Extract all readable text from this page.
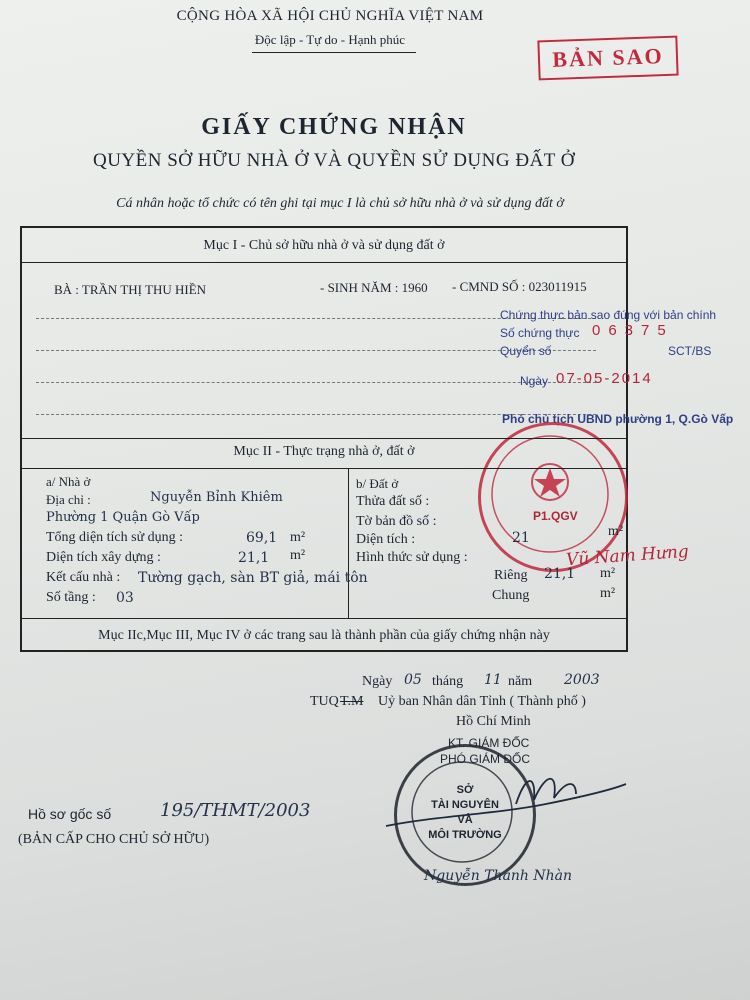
CỘNG HÒA XÃ HỘI CHỦ NGHĨA VIỆT NAM
Độc lập - Tự do - Hạnh phúc
BẢN SAO
GIẤY CHỨNG NHẬN
QUYỀN SỞ HỮU NHÀ Ở VÀ QUYỀN SỬ DỤNG ĐẤT Ở
Cá nhân hoặc tổ chức có tên ghi tại mục I là chủ sở hữu nhà ở và sử dụng đất ở
Mục I - Chủ sở hữu nhà ở và sử dụng đất ở
BÀ : TRẦN THỊ THU HIỀN	- SINH NĂM : 1960 - CMND SỐ : 023011915
Chứng thực bản sao đúng với bản chính
Số chứng thực 06375
Quyển số	SCT/BS
Ngày 07-05-2014
Phó chủ tịch UBND phường 1, Q.Gò Vấp
P1.QGV
Vũ Nam Hưng
Mục II - Thực trạng nhà ở, đất ở
a/ Nhà ở
Địa chỉ :	Nguyễn Bỉnh Khiêm
Phường 1 Quận Gò Vấp
Tổng diện tích sử dụng :	69,1 m²
Diện tích xây dựng :	21,1 m²
Kết cấu nhà : Tường gạch, sàn BT giả, mái tôn
Số tầng : 03
b/ Đất ở
Thửa đất số :
Tờ bản đồ số :
Diện tích :	21	m²
Hình thức sử dụng :
Riêng 21,1 m²
Chung	m²
Mục IIc,Mục III, Mục IV ở các trang sau là thành phần của giấy chứng nhận này
Ngày 05 tháng 11 năm 2003
TUQ T.M Uỷ ban Nhân dân Tỉnh ( Thành phố )
Hồ Chí Minh
KT. GIÁM ĐỐC
PHÓ GIÁM ĐỐC
SỞ
TÀI NGUYÊN
VÀ
MÔI TRƯỜNG
Nguyễn Thanh Nhàn
Hồ sơ gốc số	195/THMT/2003
(BẢN CẤP CHO CHỦ SỞ HỮU)
